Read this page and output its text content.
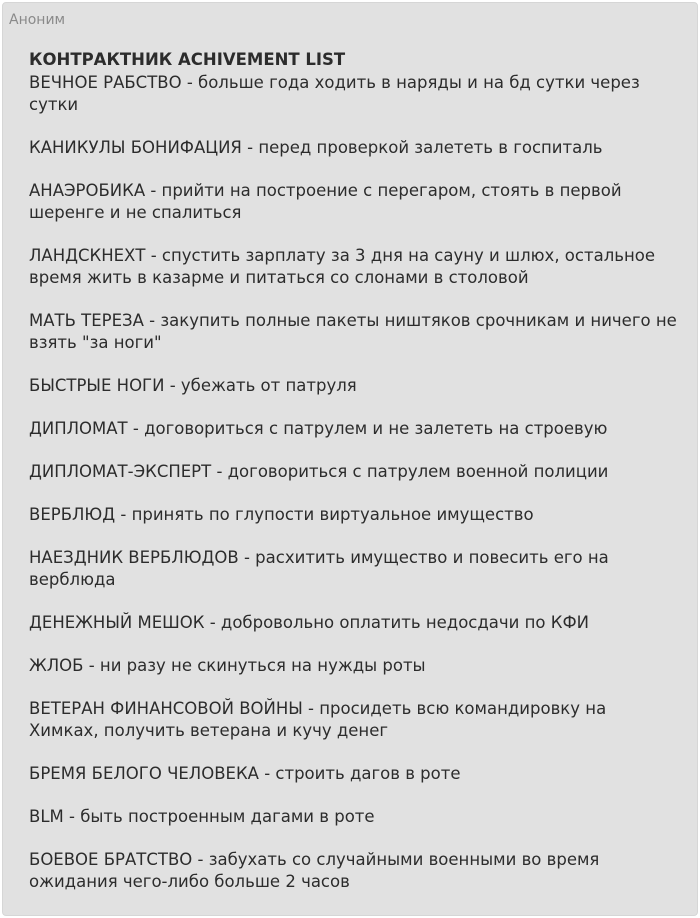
Аноним
КОНТРАКТНИК ACHIVEMENT LIST
ВЕЧНОЕ РАБСТВО - больше года ходить в наряды и на бд сутки через сутки
КАНИКУЛЫ БОНИФАЦИЯ - перед проверкой залететь в госпиталь
АНАЭРОБИКА - прийти на построение с перегаром, стоять в первой шеренге и не спалиться
ЛАНДСКНЕХТ - спустить зарплату за 3 дня на сауну и шлюх, остальное время жить в казарме и питаться со слонами в столовой
МАТЬ ТЕРЕЗА - закупить полные пакеты ништяков срочникам и ничего не взять "за ноги"
БЫСТРЫЕ НОГИ - убежать от патруля
ДИПЛОМАТ - договориться с патрулем и не залететь на строевую
ДИПЛОМАТ-ЭКСПЕРТ - договориться с патрулем военной полиции
ВЕРБЛЮД - принять по глупости виртуальное имущество
НАЕЗДНИК ВЕРБЛЮДОВ - расхитить имущество и повесить его на верблюда
ДЕНЕЖНЫЙ МЕШОК - добровольно оплатить недосдачи по КФИ
ЖЛОБ - ни разу не скинуться на нужды роты
ВЕТЕРАН ФИНАНСОВОЙ ВОЙНЫ - просидеть всю командировку на Химках, получить ветерана и кучу денег
БРЕМЯ БЕЛОГО ЧЕЛОВЕКА - строить дагов в роте
BLM - быть построенным дагами в роте
БОЕВОЕ БРАТСТВО - забухать со случайными военными во время ожидания чего-либо больше 2 часов
